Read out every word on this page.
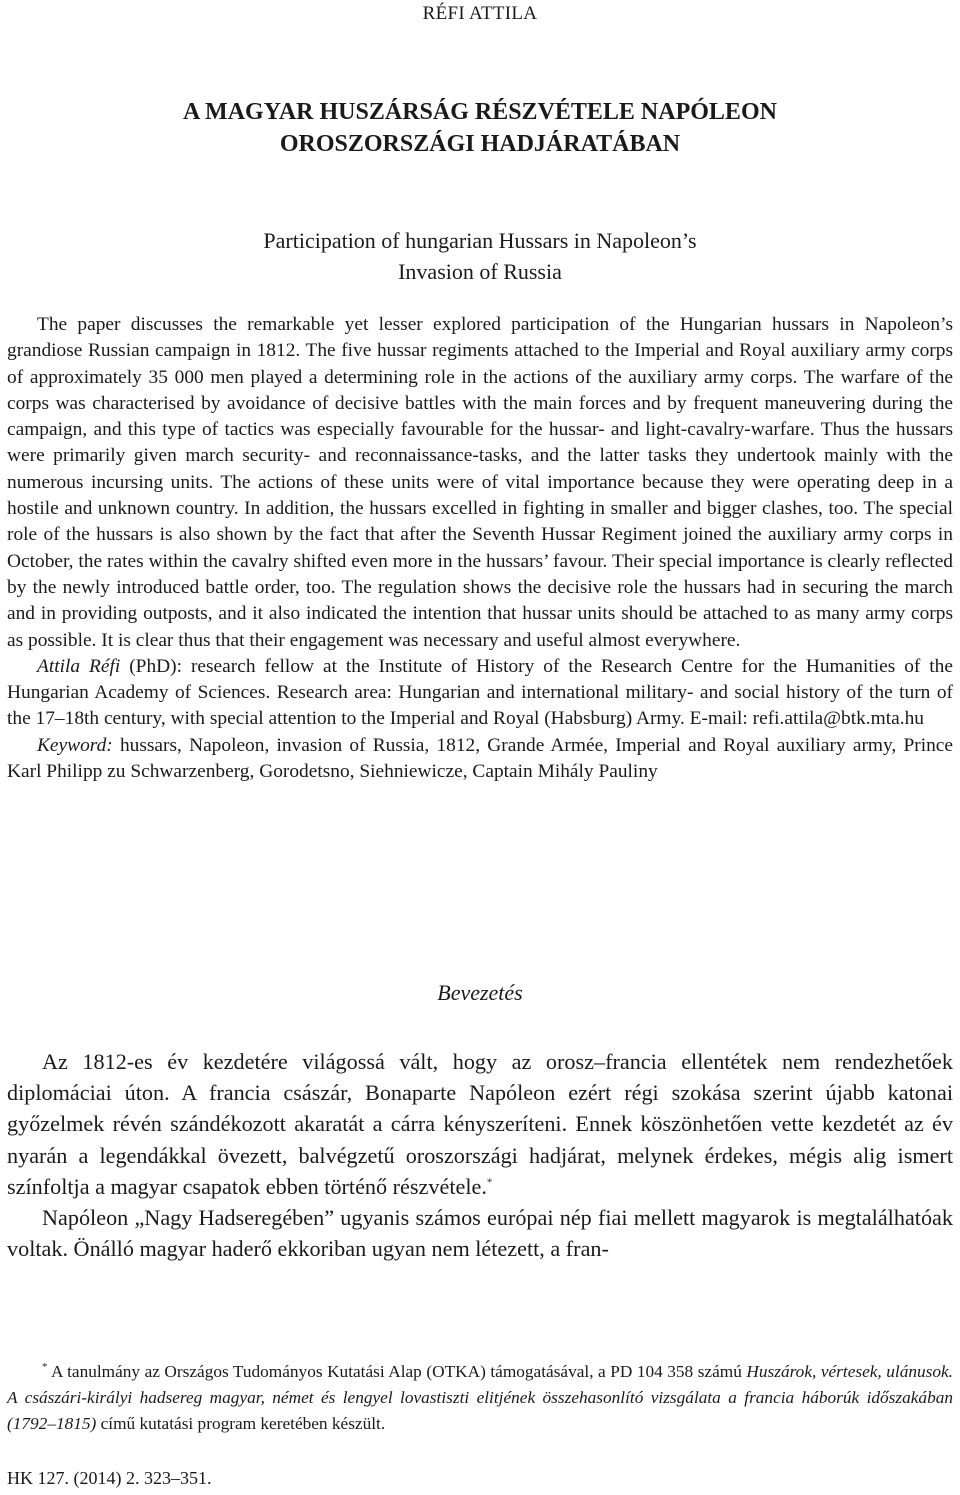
RÉFI ATTILA
A MAGYAR HUSZÁRSÁG RÉSZVÉTELE NAPÓLEON
OROSZORSZÁGI HADJÁRATÁBAN
Participation of hungarian Hussars in Napoleon’s
Invasion of Russia

The paper discusses the remarkable yet lesser explored participation of the Hungarian hussars in Napoleon’s grandiose Russian campaign in 1812. The five hussar regiments attached to the Imperial and Royal auxiliary army corps of approximately 35 000 men played a determining role in the actions of the auxiliary army corps. The warfare of the corps was characterised by avoidance of decisive battles with the main forces and by frequent maneuvering during the campaign, and this type of tactics was especially favourable for the hussar- and light-cavalry-warfare. Thus the hussars were primarily given march security- and reconnaissance-tasks, and the latter tasks they undertook mainly with the numerous incursing units. The actions of these units were of vital importance because they were operating deep in a hostile and unknown country. In addition, the hussars excelled in fighting in smaller and bigger clashes, too. The special role of the hussars is also shown by the fact that after the Seventh Hussar Regiment joined the auxiliary army corps in October, the rates within the cavalry shifted even more in the hussars’ favour. Their special importance is clearly reflected by the newly introduced battle order, too. The regulation shows the decisive role the hussars had in securing the march and in providing outposts, and it also indicated the intention that hussar units should be attached to as many army corps as possible. It is clear thus that their engagement was necessary and useful almost everywhere.

Attila Réfi (PhD): research fellow at the Institute of History of the Research Centre for the Humanities of the Hungarian Academy of Sciences. Research area: Hungarian and international military- and social history of the turn of the 17–18th century, with special attention to the Imperial and Royal (Habsburg) Army. E-mail: refi.attila@btk.mta.hu

Keyword: hussars, Napoleon, invasion of Russia, 1812, Grande Armée, Imperial and Royal auxiliary army, Prince Karl Philipp zu Schwarzenberg, Gorodetsno, Siehniewicze, Captain Mihály Pauliny

Bevezetés

Az 1812-es év kezdetére világossá vált, hogy az orosz–francia ellentétek nem rendezhetőek diplomáciai úton. A francia császár, Bonaparte Napóleon ezért régi szokása szerint újabb katonai győzelmek révén szándékozott akaratát a cárra kényszeríteni. Ennek köszönhetően vette kezdetét az év nyarán a legendákkal övezett, balvégzetű oroszországi hadjárat, melynek érdekes, mégis alig ismert színfoltja a magyar csapatok ebben történő részvétele.*

Napóleon „Nagy Hadseregében” ugyanis számos európai nép fiai mellett magyarok is megtalálhatóak voltak. Önálló magyar haderő ekkoriban ugyan nem létezett, a fran-

* A tanulmány az Országos Tudományos Kutatási Alap (OTKA) támogatásával, a PD 104 358 számú Huszárok, vértesek, ulánusok. A császári-királyi hadsereg magyar, német és lengyel lovastiszti elitjének összehasonlító vizsgálata a francia háborúk időszakában (1792–1815) című kutatási program keretében készült.

HK 127. (2014) 2. 323–351.
